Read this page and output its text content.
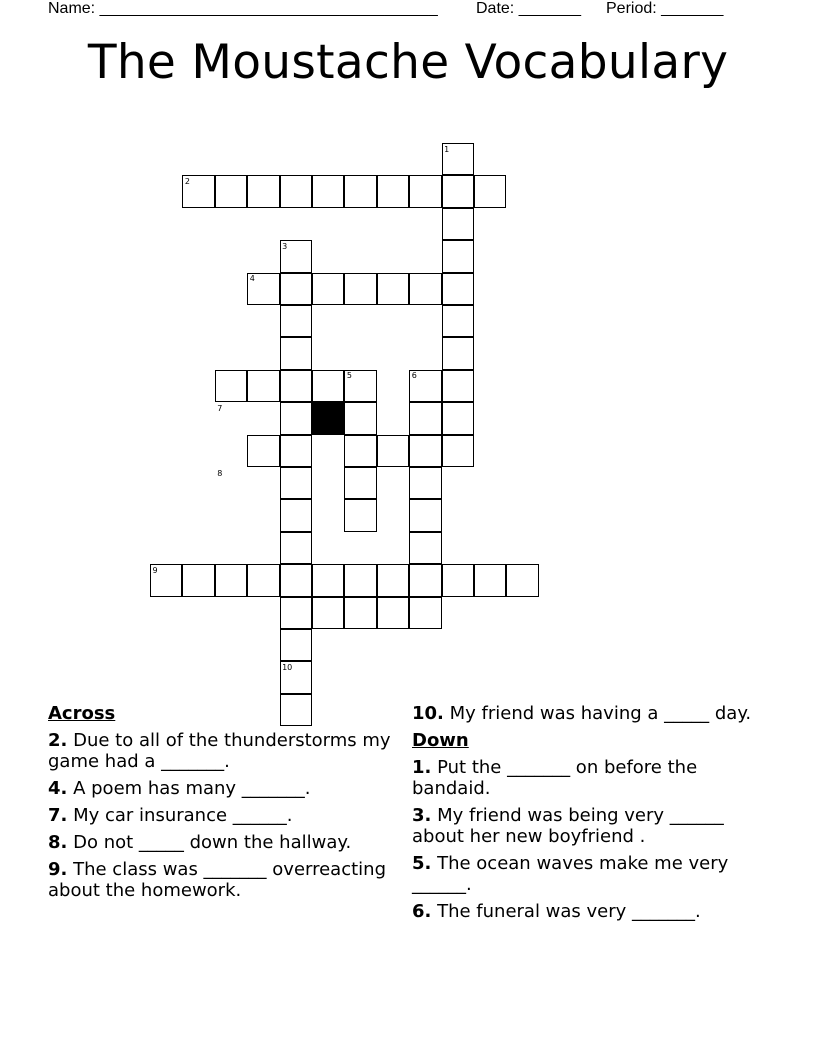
Name: ______________________________________ Date: _______ Period: _______
The Moustache Vocabulary
1
2
3
4
5	6
7
8
9
10
Across
2. Due to all of the thunderstorms my game had a _______.
4. A poem has many _______.
7. My car insurance ______.
8. Do not _____ down the hallway.
9. The class was _______ overreacting about the homework.
10. My friend was having a _____ day.
Down
1. Put the _______ on before the bandaid.
3. My friend was being very ______ about her new boyfriend .
5. The ocean waves make me very ______.
6. The funeral was very _______.
